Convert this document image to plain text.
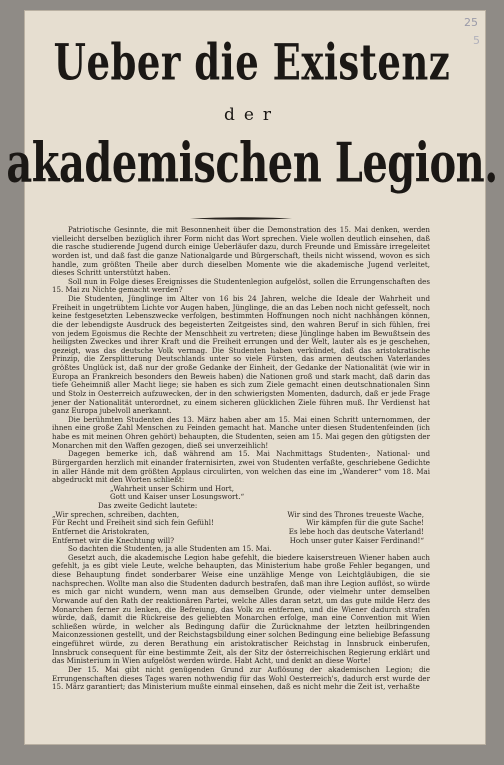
25
5
Ueber die Existenz
der
akademischen Legion.

Patriotische Gesinnte, die mit Besonnenheit über die Demonstration des 15. Mai denken, werden vielleicht derselben bezüglich ihrer Form nicht das Wort sprechen. Viele wollen deutlich einsehen, daß die rasche studierende Jugend durch einige Ueberläufer dazu, durch Freunde und Emissäre irregeleitet worden ist, und daß fast die ganze Nationalgarde und Bürgerschaft, theils nicht wissend, wovon es sich handle, zum größten Theile aber durch dieselben Momente wie die akademische Jugend verleitet, dieses Schritt unterstützt haben.

Soll nun in Folge dieses Ereignisses die Studentenlegion aufgelöst, sollen die Errungenschaften des 15. Mai zu Nichte gemacht werden?

Die Studenten, Jünglinge im Alter von 16 bis 24 Jahren, welche die Ideale der Wahrheit und Freiheit in ungetrübtem Lichte vor Augen haben, Jünglinge, die an das Leben noch nicht gefesselt, noch keine festgesetzten Lebenszwecke verfolgen, bestimmten Hoffnungen noch nicht nachhängen können, die der lebendigste Ausdruck des begeisterten Zeitgeistes sind, den wahren Beruf in sich fühlen, frei von jedem Egoismus die Rechte der Menschheit zu vertreten; diese Jünglinge haben im Bewußtsein des heiligsten Zweckes und ihrer Kraft und die Freiheit errungen und der Welt, lauter als es je geschehen, gezeigt, was das deutsche Volk vermag. Die Studenten haben verkündet, daß das aristokratische Prinzip, die Zersplitterung Deutschlands unter so viele Fürsten, das armen deutschen Vaterlandes größtes Unglück ist, daß nur der große Gedanke der Einheit, der Gedanke der Nationalität (wie wir in Europa an Frankreich besonders den Beweis haben) die Nationen groß und stark macht, daß darin das tiefe Geheimniß aller Macht liege; sie haben es sich zum Ziele gemacht einen deutschnationalen Sinn und Stolz in Oesterreich aufzuwecken, der in den schwierigsten Momenten, dadurch, daß er jede Frage jener der Nationalität unterordnet, zu einem sicheren glücklichen Ziele führen muß. Ihr Verdienst hat ganz Europa jubelvoll anerkannt.

Die berühmten Studenten des 13. März haben aber am 15. Mai einen Schritt unternommen, der ihnen eine große Zahl Menschen zu Feinden gemacht hat. Manche unter diesen Studentenfeinden (ich habe es mit meinen Ohren gehört) behaupten, die Studenten, seien am 15. Mai gegen den gütigsten der Monarchen mit den Waffen gezogen, dieß sei unverzeihlich!

Dagegen bemerke ich, daß während am 15. Mai Nachmittags Studenten-, National- und Bürgergarden herzlich mit einander fraternisirten, zwei von Studenten verfaßte, geschriebene Gedichte in aller Hände mit dem größten Applaus circulirten, von welchen das eine im „Wanderer“ vom 18. Mai abgedruckt mit den Worten schließt:

„Wahrheit unser Schirm und Hort,

Gott und Kaiser unser Losungswort.“

Das zweite Gedicht lautete:

„Wir sprechen, schreiben, dachten,

Für Recht und Freiheit sind sich fein Gefühl!

Entfernet die Aristokraten,

Entfernet wir die Knechtung will?

Wir sind des Thrones treueste Wache,

Wir kämpfen für die gute Sache!

Es lebe hoch das deutsche Vaterland!

Hoch unser guter Kaiser Ferdinand!“

So dachten die Studenten, ja alle Studenten am 15. Mai.

Gesetzt auch, die akademische Legion habe gefehlt, die biedere kaiserstreuen Wiener haben auch gefehlt, ja es gibt viele Leute, welche behaupten, das Ministerium habe große Fehler begangen, und diese Behauptung findet sonderbarer Weise eine unzählige Menge von Leichtgläubigen, die sie nachsprechen. Wollte man also die Studenten dadurch bestrafen, daß man ihre Legion auflöst, so würde es mich gar nicht wundern, wenn man aus demselben Grunde, oder vielmehr unter demselben Vorwande auf den Rath der reaktionären Partei, welche Alles daran setzt, um das gute milde Herz des Monarchen ferner zu lenken, die Befreiung, das Volk zu entfernen, und die Wiener dadurch strafen würde, daß, damit die Rückreise des geliebten Monarchen erfolge, man eine Convention mit Wien schließen würde, in welcher als Bedingung dafür die Zurücknahme der letzten heilbringenden Maiconzessionen gestellt, und der Reichstagsbildung einer solchen Bedingung eine beliebige Befassung eingeführet würde, zu deren Berathung ein aristokratischer Reichstag in Innsbruck einberufen, Innsbruck consequent für eine bestimmte Zeit, als der Sitz der österreichischen Regierung erklärt und das Ministerium in Wien aufgelöst werden würde. Habt Acht, und denkt an diese Worte!

Der 15. Mai gibt nicht genügenden Grund zur Auflösung der akademischen Legion; die Errungenschaften dieses Tages waren nothwendig für das Wohl Oesterreich's, dadurch erst wurde der 15. März garantiert; das Ministerium mußte einmal einsehen, daß es nicht mehr die Zeit ist, verhaßte
